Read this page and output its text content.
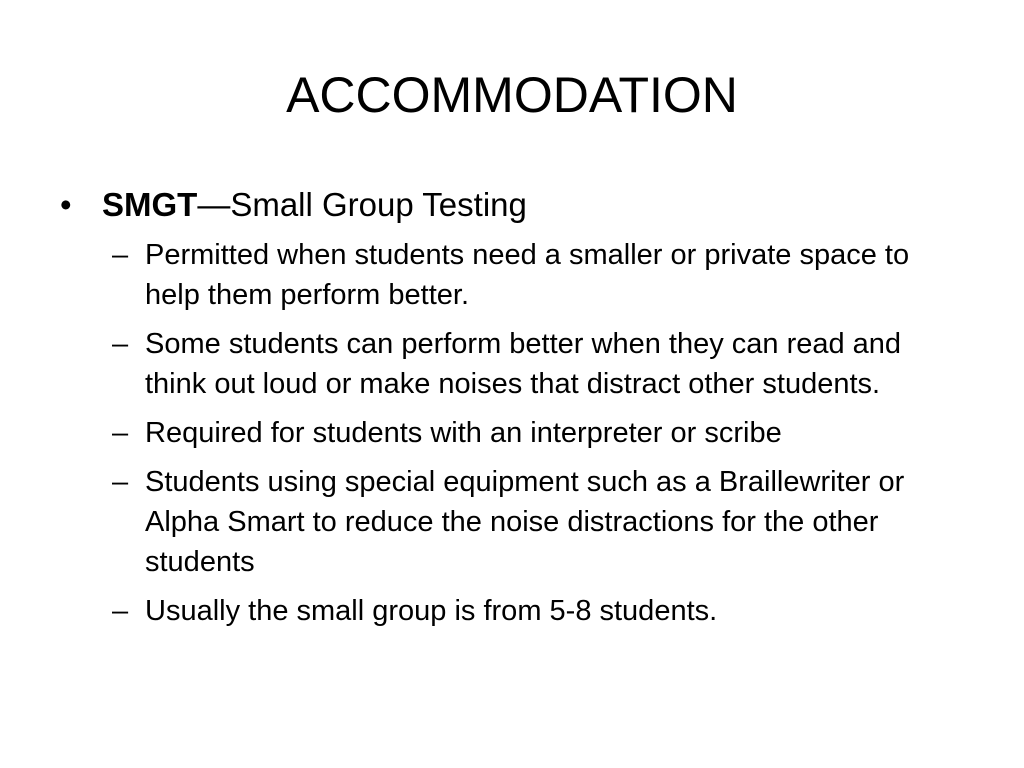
ACCOMMODATION
• SMGT—Small Group Testing
– Permitted when students need a smaller or private space to help them perform better.
– Some students can perform better when they can read and think out loud or make noises that distract other students.
– Required for students with an interpreter or scribe
– Students using special equipment such as a Braillewriter or Alpha Smart to reduce the noise distractions for the other students
– Usually the small group is from 5-8 students.
